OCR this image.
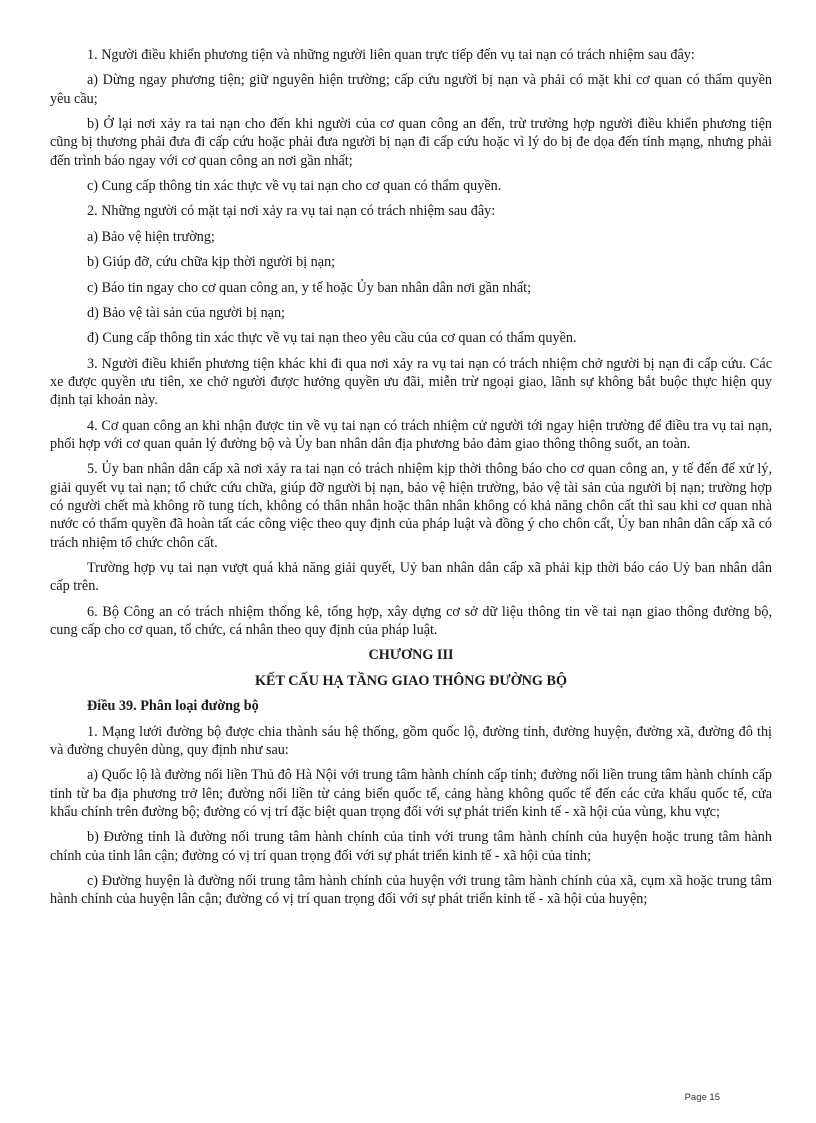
1. Người điều khiển phương tiện và những người liên quan trực tiếp đến vụ tai nạn có trách nhiệm sau đây:

a) Dừng ngay phương tiện; giữ nguyên hiện trường; cấp cứu người bị nạn và phải có mặt khi cơ quan có thẩm quyền yêu cầu;

b) Ở lại nơi xảy ra tai nạn cho đến khi người của cơ quan công an đến, trừ trường hợp người điều khiển phương tiện cũng bị thương phải đưa đi cấp cứu hoặc phải đưa người bị nạn đi cấp cứu hoặc vì lý do bị đe dọa đến tính mạng, nhưng phải đến trình báo ngay với cơ quan công an nơi gần nhất;

c) Cung cấp thông tin xác thực về vụ tai nạn cho cơ quan có thẩm quyền.

2. Những người có mặt tại nơi xảy ra vụ tai nạn có trách nhiệm sau đây:

a) Bảo vệ hiện trường;

b) Giúp đỡ, cứu chữa kịp thời người bị nạn;

c) Báo tin ngay cho cơ quan công an, y tế hoặc Ủy ban nhân dân nơi gần nhất;

d) Bảo vệ tài sản của người bị nạn;

đ) Cung cấp thông tin xác thực về vụ tai nạn theo yêu cầu của cơ quan có thẩm quyền.

3. Người điều khiển phương tiện khác khi đi qua nơi xảy ra vụ tai nạn có trách nhiệm chở người bị nạn đi cấp cứu. Các xe được quyền ưu tiên, xe chở người được hưởng quyền ưu đãi, miễn trừ ngoại giao, lãnh sự không bắt buộc thực hiện quy định tại khoản này.

4. Cơ quan công an khi nhận được tin về vụ tai nạn có trách nhiệm cử người tới ngay hiện trường để điều tra vụ tai nạn, phối hợp với cơ quan quản lý đường bộ và Ủy ban nhân dân địa phương bảo đảm giao thông thông suốt, an toàn.

5. Ủy ban nhân dân cấp xã nơi xảy ra tai nạn có trách nhiệm kịp thời thông báo cho cơ quan công an, y tế đến để xử lý, giải quyết vụ tai nạn; tổ chức cứu chữa, giúp đỡ người bị nạn, bảo vệ hiện trường, bảo vệ tài sản của người bị nạn; trường hợp có người chết mà không rõ tung tích, không có thân nhân hoặc thân nhân không có khả năng chôn cất thì sau khi cơ quan nhà nước có thẩm quyền đã hoàn tất các công việc theo quy định của pháp luật và đồng ý cho chôn cất, Ủy ban nhân dân cấp xã có trách nhiệm tổ chức chôn cất.

Trường hợp vụ tai nạn vượt quá khả năng giải quyết, Uỷ ban nhân dân cấp xã phải kịp thời báo cáo Uỷ ban nhân dân cấp trên.

6. Bộ Công an có trách nhiệm thống kê, tổng hợp, xây dựng cơ sở dữ liệu thông tin về tai nạn giao thông đường bộ, cung cấp cho cơ quan, tổ chức, cá nhân theo quy định của pháp luật.

CHƯƠNG III
KẾT CẤU HẠ TẦNG GIAO THÔNG ĐƯỜNG BỘ
Điều 39. Phân loại đường bộ

1. Mạng lưới đường bộ được chia thành sáu hệ thống, gồm quốc lộ, đường tỉnh, đường huyện, đường xã, đường đô thị và đường chuyên dùng, quy định như sau:

a) Quốc lộ là đường nối liền Thủ đô Hà Nội với trung tâm hành chính cấp tỉnh; đường nối liền trung tâm hành chính cấp tỉnh từ ba địa phương trở lên; đường nối liền từ cảng biển quốc tế, cảng hàng không quốc tế đến các cửa khẩu quốc tế, cửa khẩu chính trên đường bộ; đường có vị trí đặc biệt quan trọng đối với sự phát triển kinh tế - xã hội của vùng, khu vực;

b) Đường tỉnh là đường nối trung tâm hành chính của tỉnh với trung tâm hành chính của huyện hoặc trung tâm hành chính của tỉnh lân cận; đường có vị trí quan trọng đối với sự phát triển kinh tế - xã hội của tỉnh;

c) Đường huyện là đường nối trung tâm hành chính của huyện với trung tâm hành chính của xã, cụm xã hoặc trung tâm hành chính của huyện lân cận; đường có vị trí quan trọng đối với sự phát triển kinh tế - xã hội của huyện;

Page 15
